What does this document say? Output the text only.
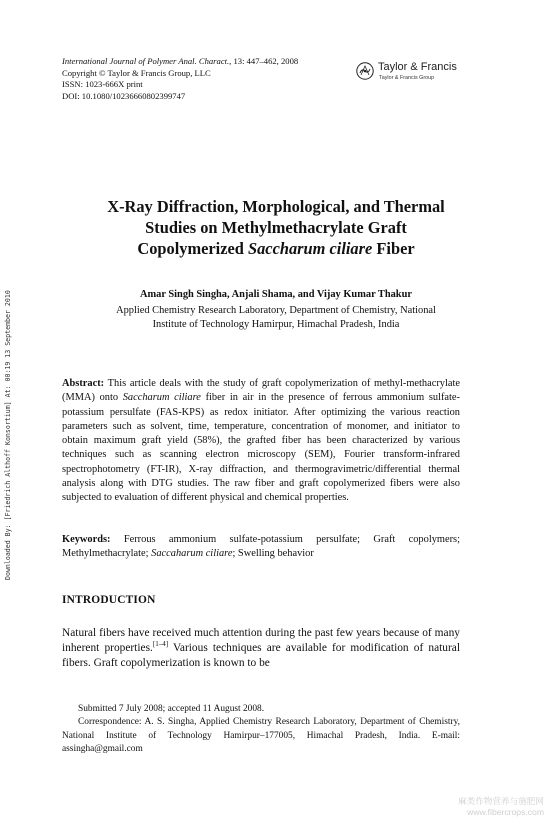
Downloaded By: [Friedrich Althoff Konsortium] At: 00:19 13 September 2010
International Journal of Polymer Anal. Charact., 13: 447–462, 2008
Copyright © Taylor & Francis Group, LLC
ISSN: 1023-666X print
DOI: 10.1080/10236660802399747
Taylor & Francis
Taylor & Francis Group
X-Ray Diffraction, Morphological, and Thermal
Studies on Methylmethacrylate Graft
Copolymerized Saccharum ciliare Fiber
Amar Singh Singha, Anjali Shama, and Vijay Kumar Thakur
Applied Chemistry Research Laboratory, Department of Chemistry, National
Institute of Technology Hamirpur, Himachal Pradesh, India
Abstract: This article deals with the study of graft copolymerization of methyl-methacrylate (MMA) onto Saccharum ciliare fiber in air in the presence of ferrous ammonium sulfate-potassium persulfate (FAS-KPS) as redox initiator. After optimizing the various reaction parameters such as solvent, time, temperature, concentration of monomer, and initiator to obtain maximum graft yield (58%), the grafted fiber has been characterized by various techniques such as scanning electron microscopy (SEM), Fourier transform-infrared spectrophotometry (FT-IR), X-ray diffraction, and thermogravimetric/differential thermal analysis along with DTG studies. The raw fiber and graft copolymerized fibers were also subjected to evaluation of different physical and chemical properties.
Keywords: Ferrous ammonium sulfate-potassium persulfate; Graft copolymers; Methylmethacrylate; Saccaharum ciliare; Swelling behavior
INTRODUCTION
Natural fibers have received much attention during the past few years because of many inherent properties.[1–4] Various techniques are available for modification of natural fibers. Graft copolymerization is known to be
Submitted 7 July 2008; accepted 11 August 2008.
Correspondence: A. S. Singha, Applied Chemistry Research Laboratory, Department of Chemistry, National Institute of Technology Hamirpur–177005, Himachal Pradesh, India. E-mail: assingha@gmail.com
麻类作物营养与施肥网
www.fibercrops.com
